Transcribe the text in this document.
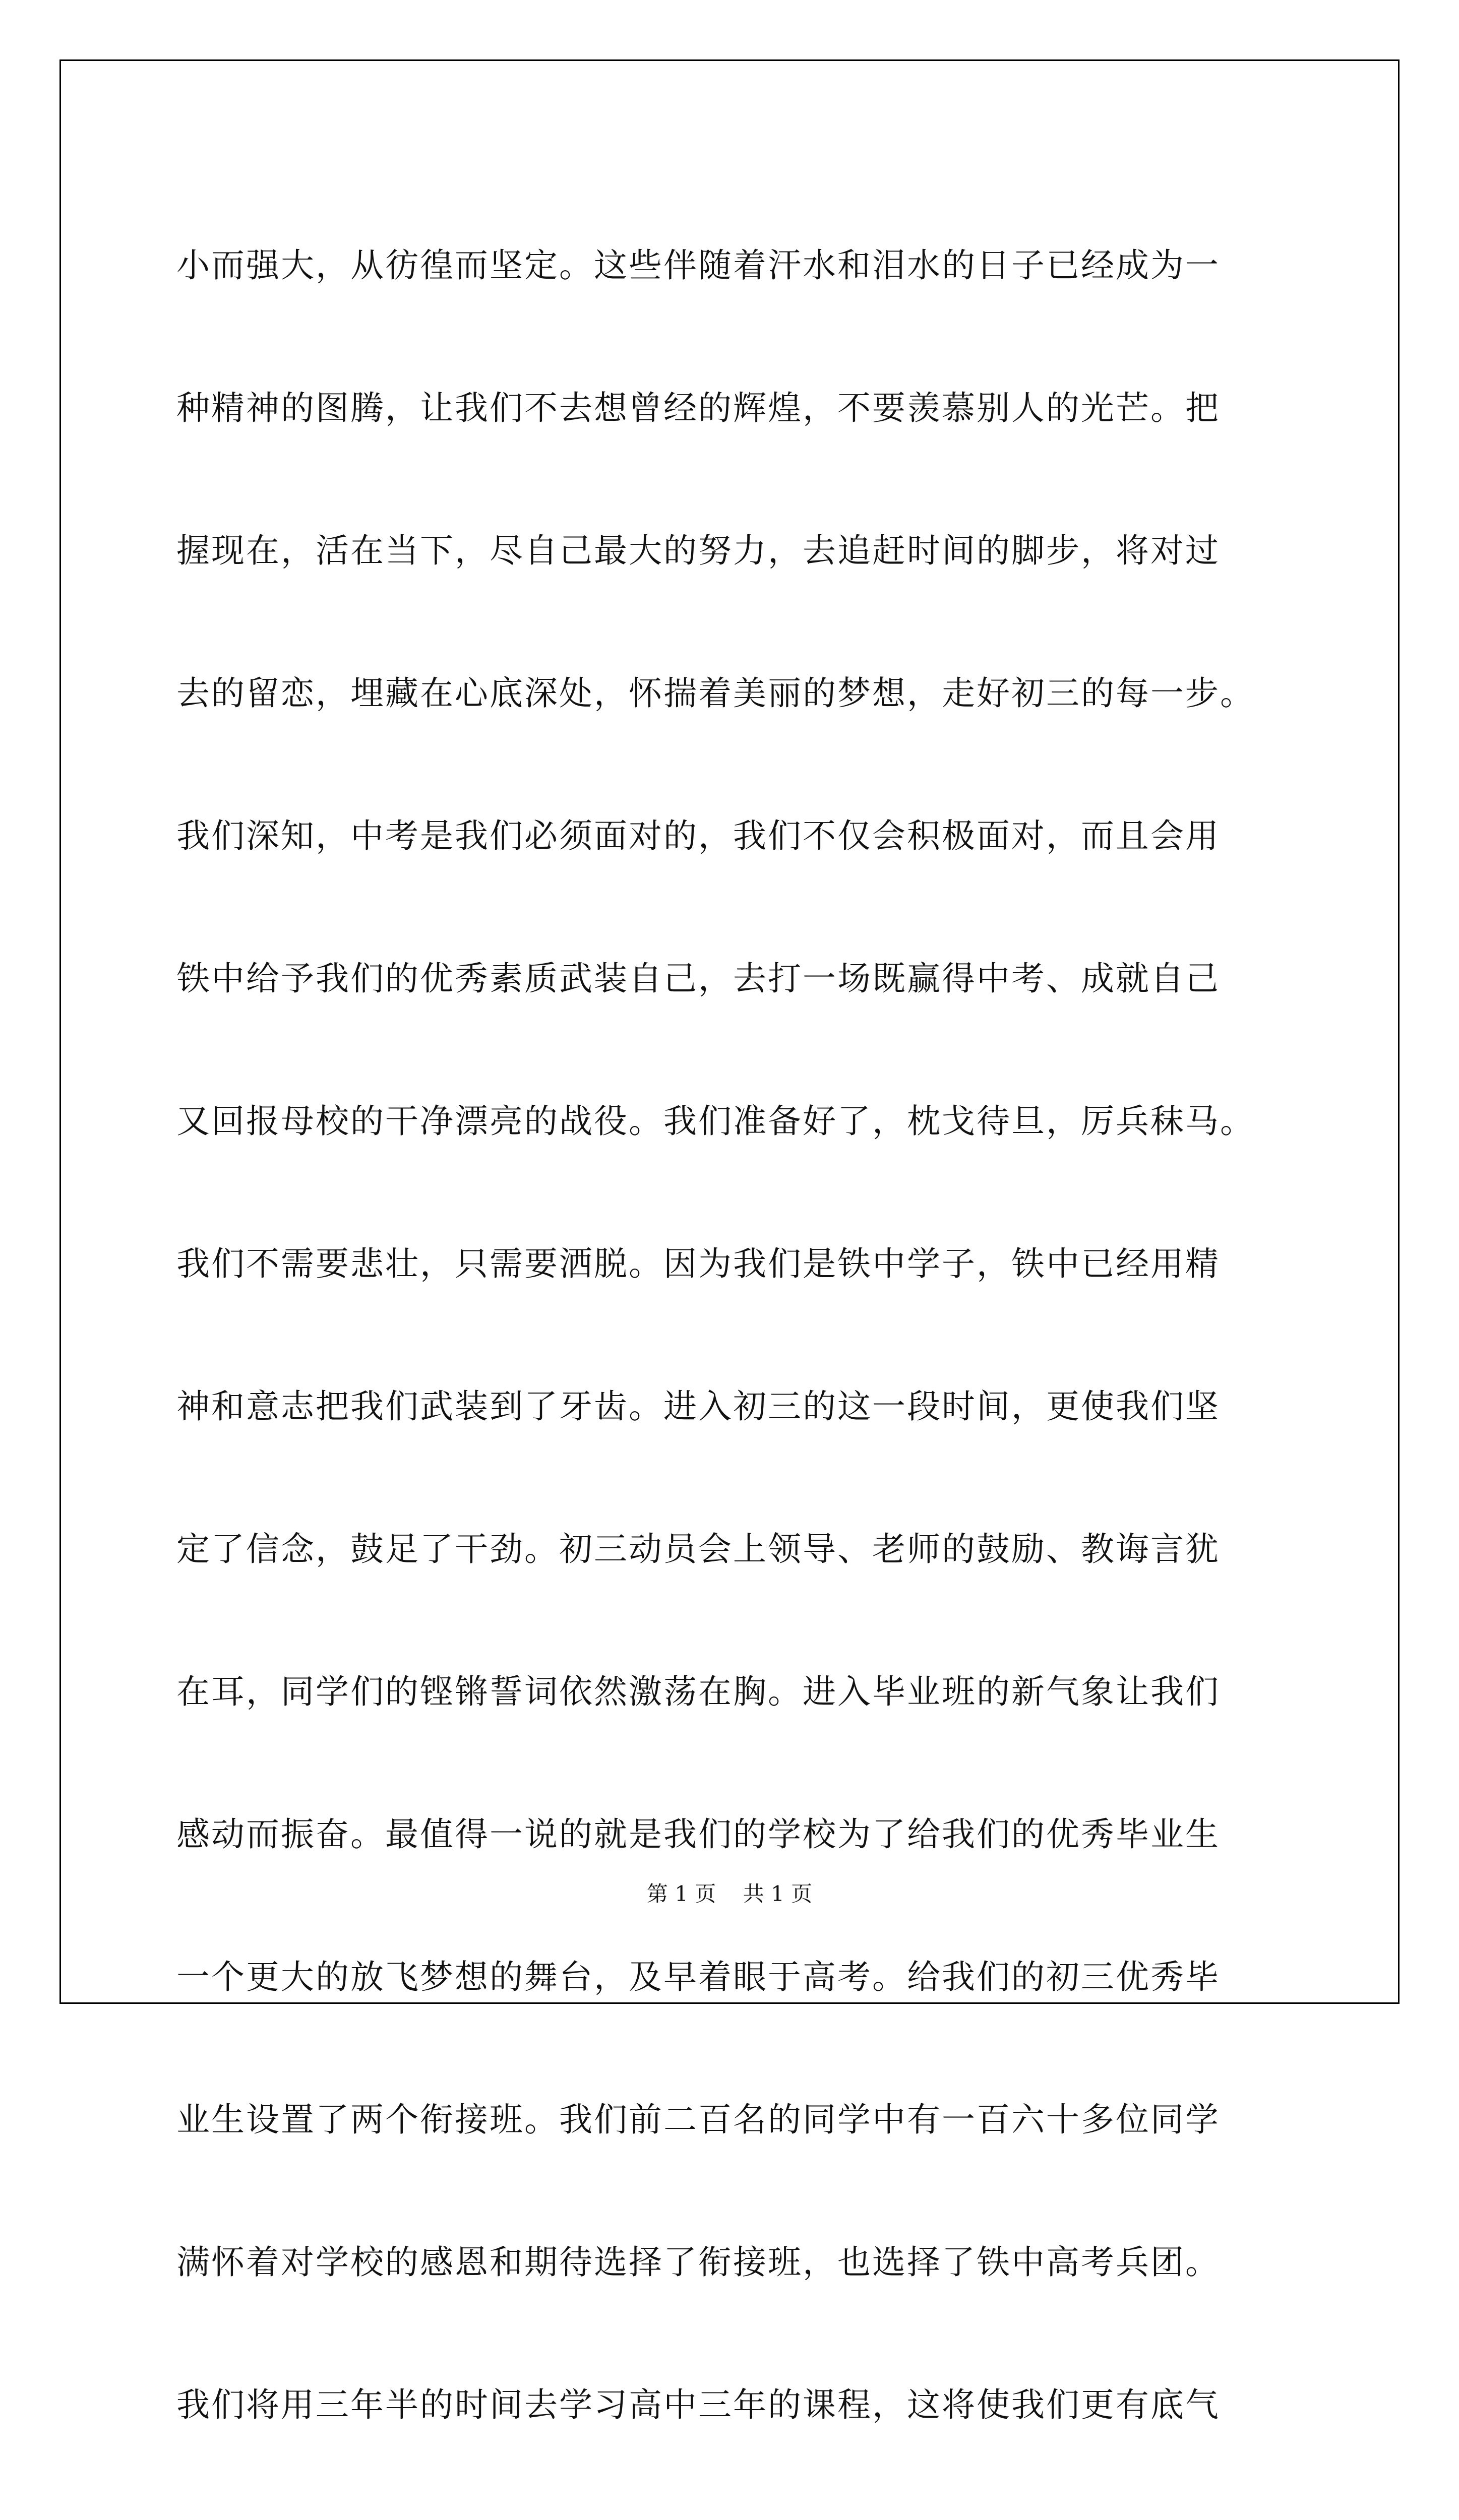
小而强大，从彷徨而坚定。这些伴随着汗水和泪水的日子已经成为一
种精神的图腾，让我们不去想曾经的辉煌，不要羡慕别人的光芒。把
握现在，活在当下，尽自己最大的努力，去追赶时间的脚步，将对过
去的留恋，埋藏在心底深处，怀揣着美丽的梦想，走好初三的每一步。
我们深知，中考是我们必须面对的，我们不仅会积极面对，而且会用
铁中给予我们的优秀素质武装自己，去打一场既赢得中考、成就自己
又回报母校的干净漂亮的战役。我们准备好了，枕戈待旦，厉兵秣马。
我们不需要悲壮，只需要洒脱。因为我们是铁中学子，铁中已经用精
神和意志把我们武装到了牙齿。进入初三的这一段时间，更使我们坚
定了信念，鼓足了干劲。初三动员会上领导、老师的鼓励、教诲言犹
在耳，同学们的铿锵誓词依然激荡在胸。进入毕业班的新气象让我们
感动而振奋。最值得一说的就是我们的学校为了给我们的优秀毕业生
一个更大的放飞梦想的舞台，及早着眼于高考。给我们的初三优秀毕
业生设置了两个衔接班。我们前二百名的同学中有一百六十多位同学
满怀着对学校的感恩和期待选择了衔接班，也选择了铁中高考兵团。
我们将用三年半的时间去学习高中三年的课程，这将使我们更有底气
第 1 页    共 1 页
